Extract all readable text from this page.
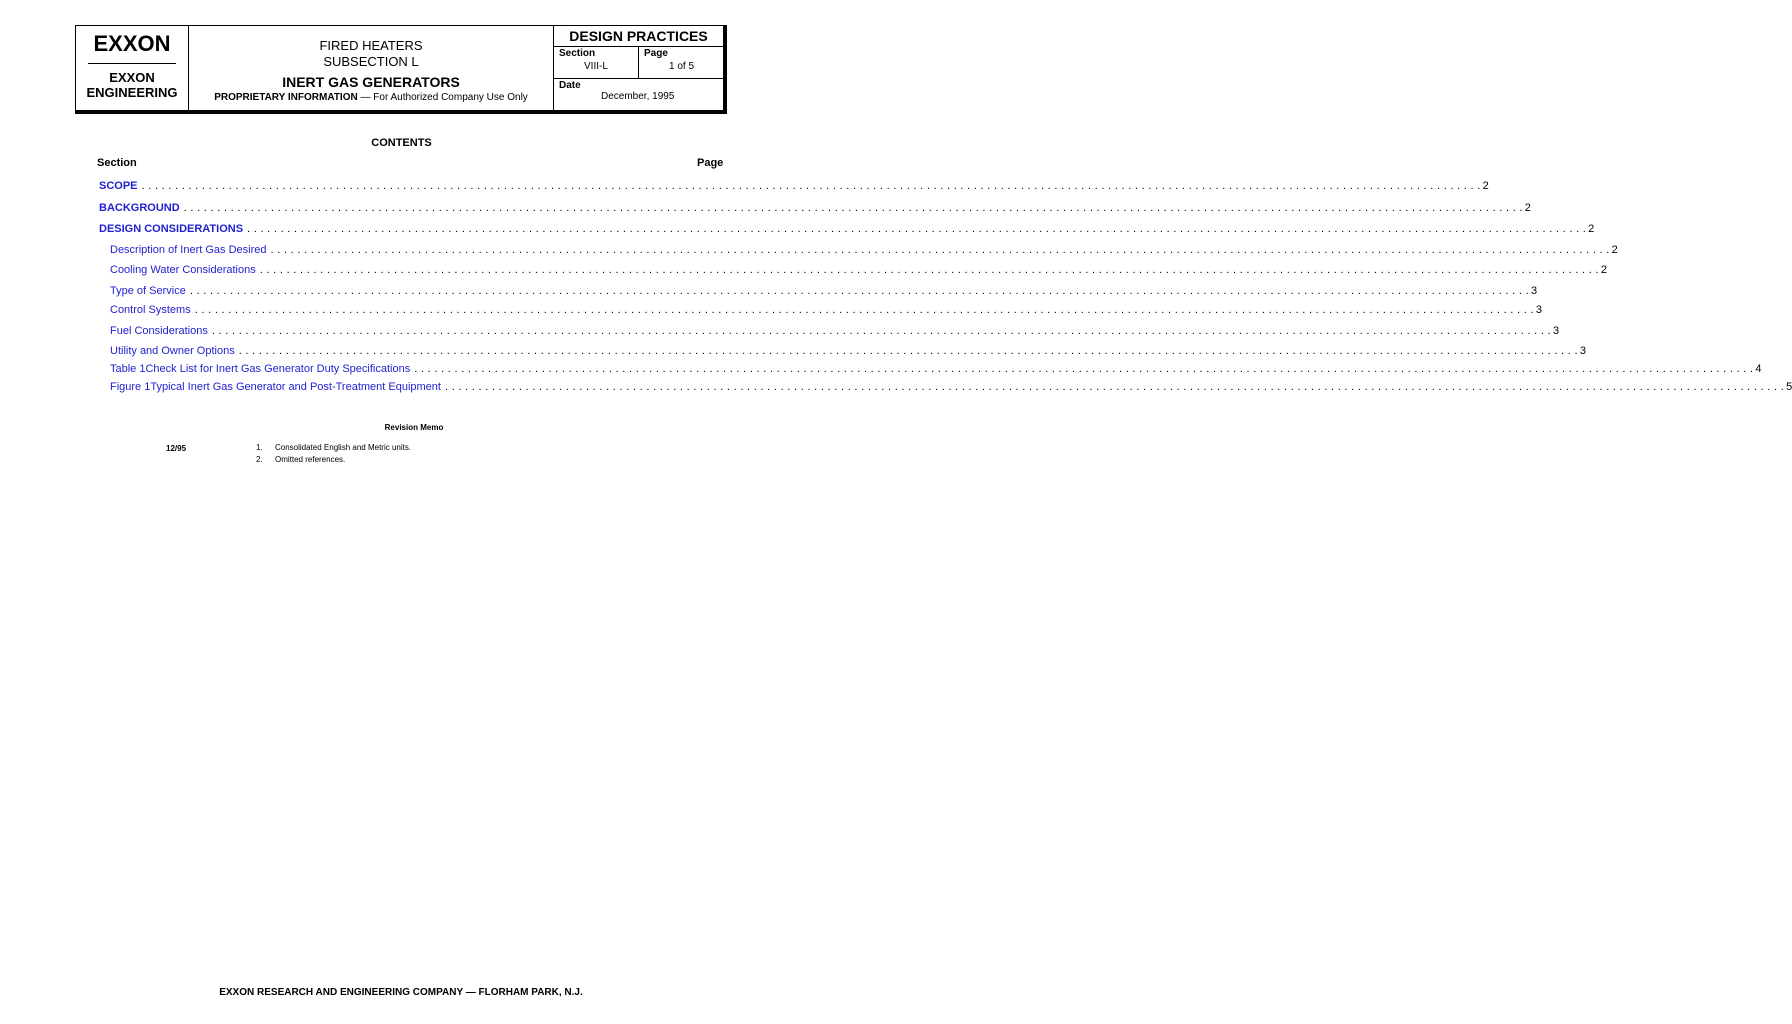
EXXON
EXXON
ENGINEERING
FIRED HEATERS
SUBSECTION L
INERT GAS GENERATORS
PROPRIETARY INFORMATION — For Authorized Company Use Only
DESIGN PRACTICES
Section
VIII-L
Page
1 of 5
Date
December, 1995
CONTENTS
Section	Page
SCOPE . . . . . . . . . . . . . . . . . . . . . . . . . . . . . . . . . . . . . . . . . . . . . . . . . . . . . . . . . . . . . . . . . . . . . . . . . . . . . . . . . . . . . . . . . . . . . . . . . . . . . . . . . . . . . . . . . . . . . . . . . . . . . . . . . . . . . . . . . . . . . . . . . . . . . . . . . . . . . . . . . . . . . . . . . . . . . . . . . . . . . . . . . . . . . . . . . . . . . . . . 2
BACKGROUND . . . . . . . . . . . . . . . . . . . . . . . . . . . . . . . . . . . . . . . . . . . . . . . . . . . . . . . . . . . . . . . . . . . . . . . . . . . . . . . . . . . . . . . . . . . . . . . . . . . . . . . . . . . . . . . . . . . . . . . . . . . . . . . . . . . . . . . . . . . . . . . . . . . . . . . . . . . . . . . . . . . . . . . . . . . . . . . . . . . . . . . . . . . . . . . . . . . . . . . . 2
DESIGN CONSIDERATIONS . . . . . . . . . . . . . . . . . . . . . . . . . . . . . . . . . . . . . . . . . . . . . . . . . . . . . . . . . . . . . . . . . . . . . . . . . . . . . . . . . . . . . . . . . . . . . . . . . . . . . . . . . . . . . . . . . . . . . . . . . . . . . . . . . . . . . . . . . . . . . . . . . . . . . . . . . . . . . . . . . . . . . . . . . . . . . . . . . . . . . . . . . . . . . . . . . . . . . . . . 2
Description of Inert Gas Desired . . . . . . . . . . . . . . . . . . . . . . . . . . . . . . . . . . . . . . . . . . . . . . . . . . . . . . . . . . . . . . . . . . . . . . . . . . . . . . . . . . . . . . . . . . . . . . . . . . . . . . . . . . . . . . . . . . . . . . . . . . . . . . . . . . . . . . . . . . . . . . . . . . . . . . . . . . . . . . . . . . . . . . . . . . . . . . . . . . . . . . . . . . . . . . . . . . . . . . . . 2
Cooling Water Considerations . . . . . . . . . . . . . . . . . . . . . . . . . . . . . . . . . . . . . . . . . . . . . . . . . . . . . . . . . . . . . . . . . . . . . . . . . . . . . . . . . . . . . . . . . . . . . . . . . . . . . . . . . . . . . . . . . . . . . . . . . . . . . . . . . . . . . . . . . . . . . . . . . . . . . . . . . . . . . . . . . . . . . . . . . . . . . . . . . . . . . . . . . . . . . . . . . . . . . . . . 2
Type of Service . . . . . . . . . . . . . . . . . . . . . . . . . . . . . . . . . . . . . . . . . . . . . . . . . . . . . . . . . . . . . . . . . . . . . . . . . . . . . . . . . . . . . . . . . . . . . . . . . . . . . . . . . . . . . . . . . . . . . . . . . . . . . . . . . . . . . . . . . . . . . . . . . . . . . . . . . . . . . . . . . . . . . . . . . . . . . . . . . . . . . . . . . . . . . . . . . . . . . . . . 3
Control Systems . . . . . . . . . . . . . . . . . . . . . . . . . . . . . . . . . . . . . . . . . . . . . . . . . . . . . . . . . . . . . . . . . . . . . . . . . . . . . . . . . . . . . . . . . . . . . . . . . . . . . . . . . . . . . . . . . . . . . . . . . . . . . . . . . . . . . . . . . . . . . . . . . . . . . . . . . . . . . . . . . . . . . . . . . . . . . . . . . . . . . . . . . . . . . . . . . . . . . . . . 3
Fuel Considerations . . . . . . . . . . . . . . . . . . . . . . . . . . . . . . . . . . . . . . . . . . . . . . . . . . . . . . . . . . . . . . . . . . . . . . . . . . . . . . . . . . . . . . . . . . . . . . . . . . . . . . . . . . . . . . . . . . . . . . . . . . . . . . . . . . . . . . . . . . . . . . . . . . . . . . . . . . . . . . . . . . . . . . . . . . . . . . . . . . . . . . . . . . . . . . . . . . . . . . . . 3
Utility and Owner Options . . . . . . . . . . . . . . . . . . . . . . . . . . . . . . . . . . . . . . . . . . . . . . . . . . . . . . . . . . . . . . . . . . . . . . . . . . . . . . . . . . . . . . . . . . . . . . . . . . . . . . . . . . . . . . . . . . . . . . . . . . . . . . . . . . . . . . . . . . . . . . . . . . . . . . . . . . . . . . . . . . . . . . . . . . . . . . . . . . . . . . . . . . . . . . . . . . . . . . . . 3
Table 1 Check List for Inert Gas Generator Duty Specifications . . . . . . . . . . . . . . . . . . . . . . . . . . . . . . . . . . . . . . . . . . . . . . . . . . . . . . . . . . . . . . . . . . . . . . . . . . . . . . . . . . . . . . . . . . . . . . . . . . . . . . . . . . . . . . . . . . . . . . . . . . . . . . . . . . . . . . . . . . . . . . . . . . . . . . . . . . . . . . . . . . . . . . . . . . . . . . . . . . . . . . . . . . . . . . . . . . . . . . . . 4
Figure 1 Typical Inert Gas Generator and Post-Treatment Equipment . . . . . . . . . . . . . . . . . . . . . . . . . . . . . . . . . . . . . . . . . . . . . . . . . . . . . . . . . . . . . . . . . . . . . . . . . . . . . . . . . . . . . . . . . . . . . . . . . . . . . . . . . . . . . . . . . . . . . . . . . . . . . . . . . . . . . . . . . . . . . . . . . . . . . . . . . . . . . . . . . . . . . . . . . . . . . . . . . . . . . . . . . . . . . . . . . . . . . . . . 5
Revision Memo
12/95	1. Consolidated English and Metric units.
2. Omitted references.
EXXON RESEARCH AND ENGINEERING COMPANY — FLORHAM PARK, N.J.
